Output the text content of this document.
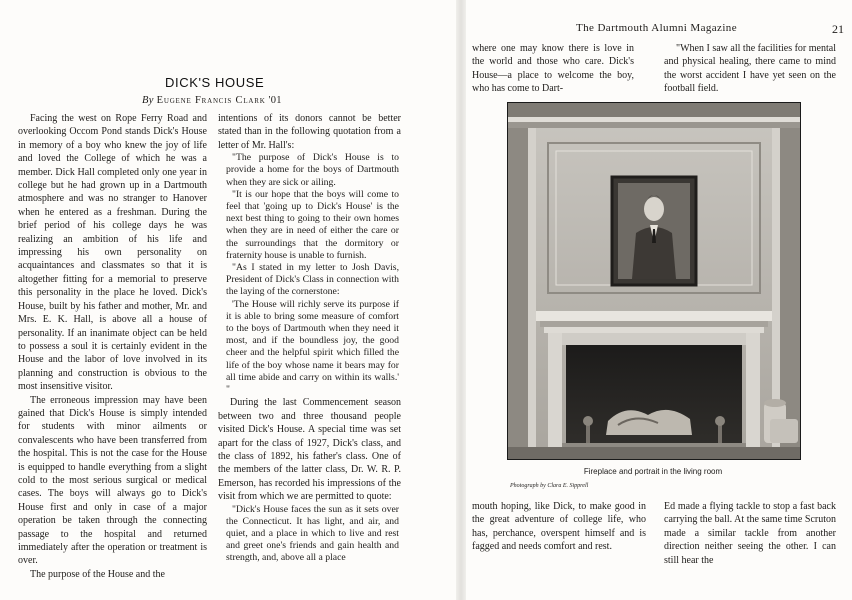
DICK'S HOUSE
By Eugene Francis Clark '01

Facing the west on Rope Ferry Road and overlooking Occom Pond stands Dick's House in memory of a boy who knew the joy of life and loved the College of which he was a member. Dick Hall completed only one year in college but he had grown up in a Dartmouth atmosphere and was no stranger to Hanover when he entered as a freshman. During the brief period of his college days he was realizing an ambition of his life and impressing his own personality on acquaintances and classmates so that it is altogether fitting for a memorial to preserve this personality in the place he loved. Dick's House, built by his father and mother, Mr. and Mrs. E. K. Hall, is above all a house of personality. If an inanimate object can be held to possess a soul it is certainly evident in the House and the labor of love involved in its planning and construction is obvious to the most insensitive visitor.

The erroneous impression may have been gained that Dick's House is simply intended for students with minor ailments or convalescents who have been transferred from the hospital. This is not the case for the House is equipped to handle everything from a slight cold to the most serious surgical or medical cases. The boys will always go to Dick's House first and only in case of a major operation be taken through the connecting passage to the hospital and returned immediately after the operation or treatment is over.

The purpose of the House and the

intentions of its donors cannot be better stated than in the following quotation from a letter of Mr. Hall's:

"The purpose of Dick's House is to provide a home for the boys of Dartmouth when they are sick or ailing.

"It is our hope that the boys will come to feel that 'going up to Dick's House' is the next best thing to going to their own homes when they are in need of either the care or the surroundings that the dormitory or fraternity house is unable to furnish.

"As I stated in my letter to Josh Davis, President of Dick's Class in connection with the laying of the cornerstone:

'The House will richly serve its purpose if it is able to bring some measure of comfort to the boys of Dartmouth when they need it most, and if the boundless joy, the good cheer and the helpful spirit which filled the life of the boy whose name it bears may for all time abide and carry on within its walls.' "

During the last Commencement season between two and three thousand people visited Dick's House. A special time was set apart for the class of 1927, Dick's class, and the class of 1892, his father's class. One of the members of the latter class, Dr. W. R. P. Emerson, has recorded his impressions of the visit from which we are permitted to quote:

"Dick's House faces the sun as it sets over the Connecticut. It has light, and air, and quiet, and a place in which to live and rest and greet one's friends and gain health and strength, and, above all a place

The Dartmouth Alumni Magazine	21

where one may know there is love in the world and those who care. Dick's House—a place to welcome the boy, who has come to Dart-

"When I saw all the facilities for mental and physical healing, there came to mind the worst accident I have yet seen on the football field.

Fireplace and portrait in the living room
Photograph by Clara E. Sipprell

mouth hoping, like Dick, to make good in the great adventure of college life, who has, perchance, overspent himself and is fagged and needs comfort and rest.

Ed made a flying tackle to stop a fast back carrying the ball. At the same time Scruton made a similar tackle from another direction neither seeing the other. I can still hear the
